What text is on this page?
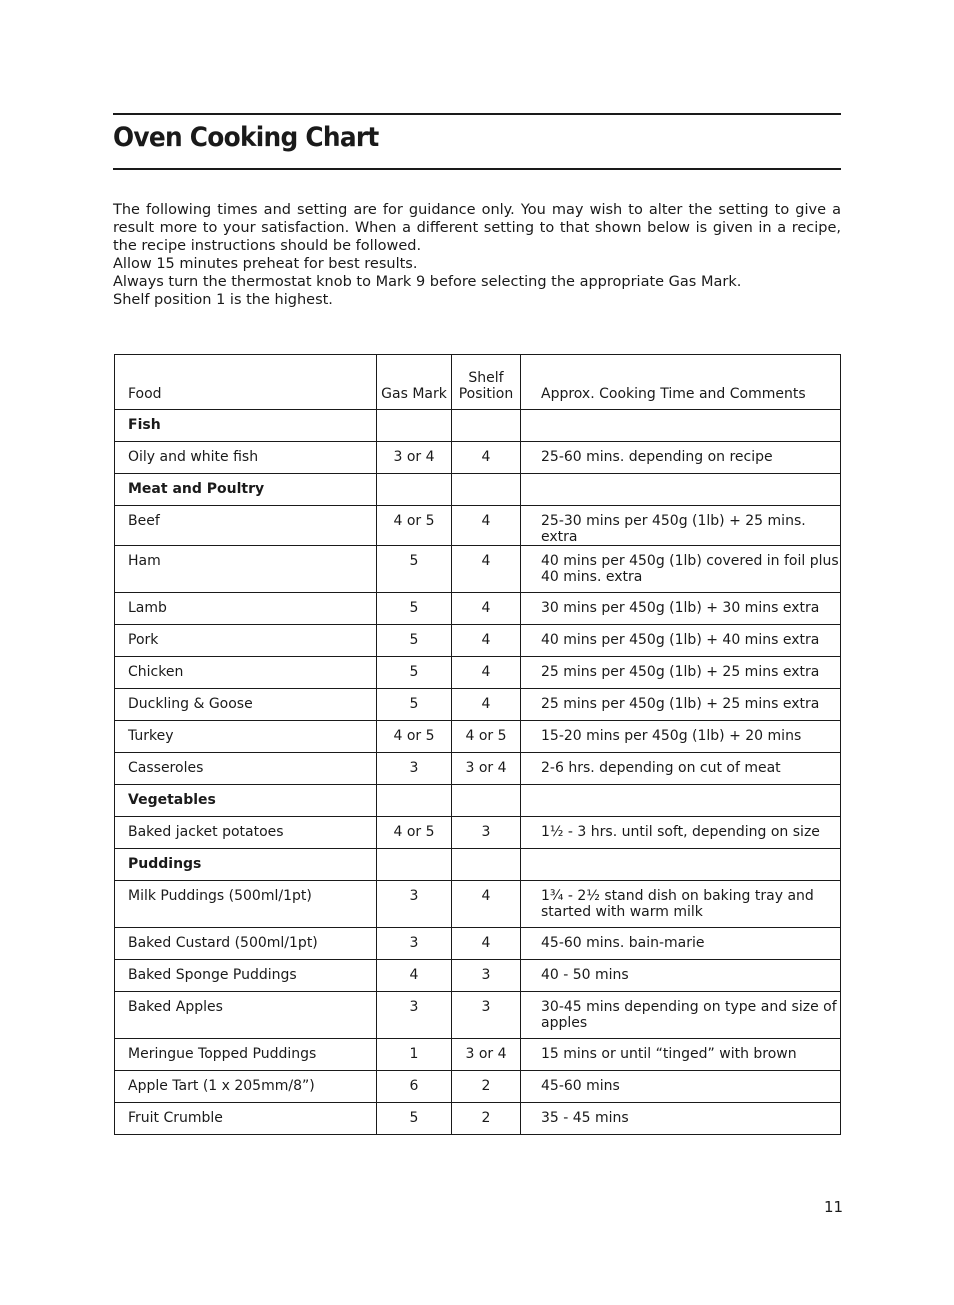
Oven Cooking Chart

The following times and setting are for guidance only. You may wish to alter the setting to give a result more to your satisfaction. When a different setting to that shown below is given in a recipe, the recipe instructions should be followed.

Allow 15 minutes preheat for best results.

Always turn the thermostat knob to Mark 9 before selecting the appropriate Gas Mark.

Shelf position 1 is the highest.

Food	Gas Mark	Shelf Position	Approx. Cooking Time and Comments
Fish			
Oily and white fish	3 or 4	4	25-60 mins. depending on recipe
Meat and Poultry			
Beef	4 or 5	4	25-30 mins per 450g (1lb) + 25 mins. extra
Ham	5	4	40 mins per 450g (1lb) covered in foil plus 40 mins. extra
Lamb	5	4	30 mins per 450g (1lb) + 30 mins extra
Pork	5	4	40 mins per 450g (1lb) + 40 mins extra
Chicken	5	4	25 mins per 450g (1lb) + 25 mins extra
Duckling & Goose	5	4	25 mins per 450g (1lb) + 25 mins extra
Turkey	4 or 5	4 or 5	15-20 mins per 450g (1lb) + 20 mins
Casseroles	3	3 or 4	2-6 hrs. depending on cut of meat
Vegetables			
Baked jacket potatoes	4 or 5	3	1½ - 3 hrs. until soft, depending on size
Puddings			
Milk Puddings (500ml/1pt)	3	4	1¾ - 2½ stand dish on baking tray and started with warm milk
Baked Custard (500ml/1pt)	3	4	45-60 mins. bain-marie
Baked Sponge Puddings	4	3	40 - 50 mins
Baked Apples	3	3	30-45 mins depending on type and size of apples
Meringue Topped Puddings	1	3 or 4	15 mins or until “tinged” with brown
Apple Tart (1 x 205mm/8”)	6	2	45-60 mins
Fruit Crumble	5	2	35 - 45 mins
11
